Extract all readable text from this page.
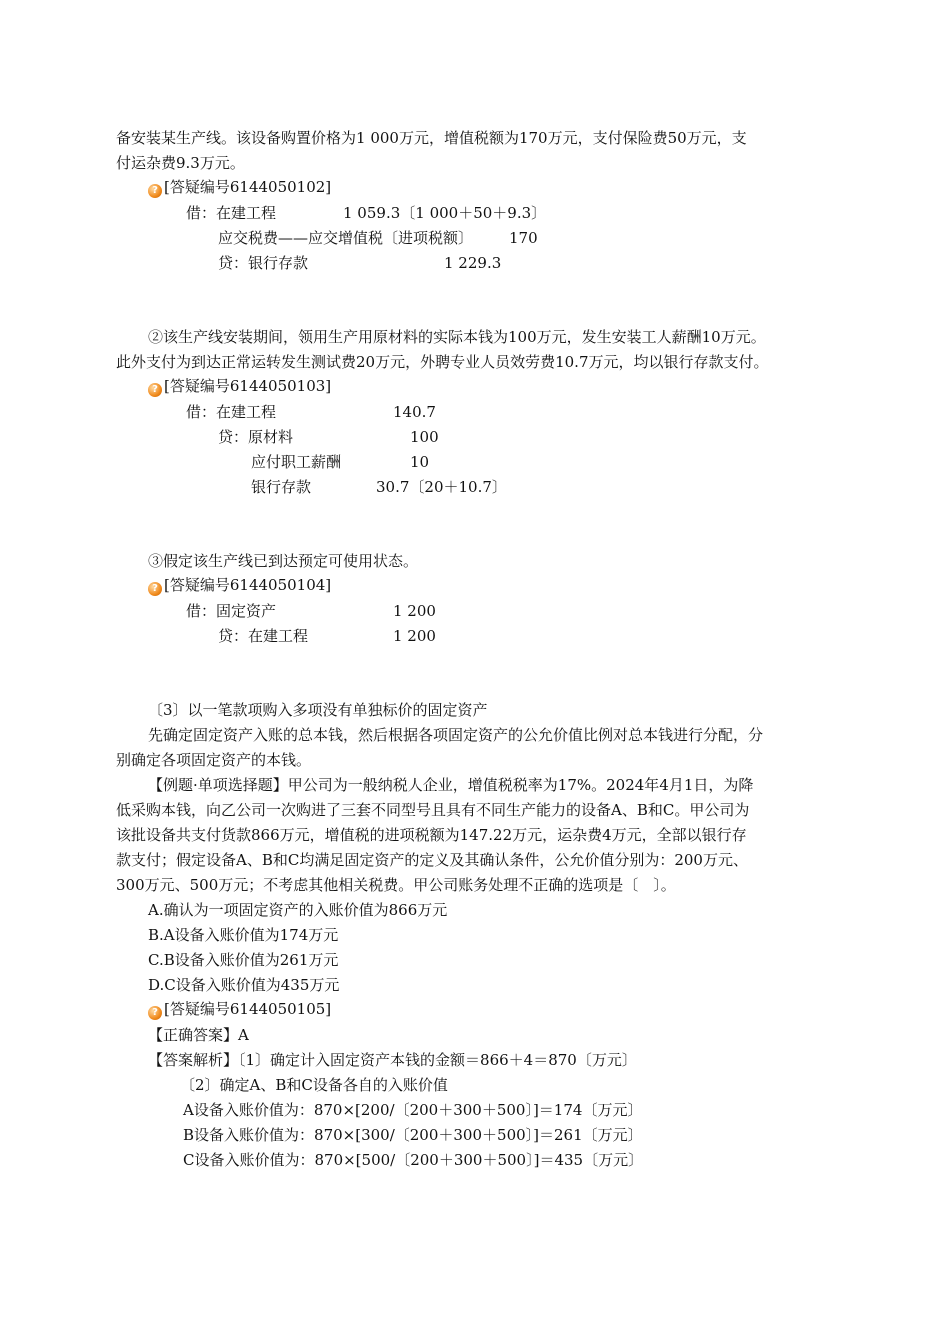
备安装某生产线。该设备购置价格为1 000万元，增值税额为170万元，支付保险费50万元，支
付运杂费9.3万元。
? [答疑编号6144050102]
借：在建工程	1 059.3〔1 000＋50＋9.3〕
应交税费——应交增值税〔进项税额〕 170
贷：银行存款	1 229.3
②该生产线安装期间，领用生产用原材料的实际本钱为100万元，发生安装工人薪酬10万元。
此外支付为到达正常运转发生测试费20万元，外聘专业人员效劳费10.7万元，均以银行存款支付。
? [答疑编号6144050103]
借：在建工程	140.7
贷：原材料	100
应付职工薪酬	10
银行存款	30.7〔20＋10.7〕
③假定该生产线已到达预定可使用状态。
? [答疑编号6144050104]
借：固定资产	1 200
贷：在建工程	1 200
〔3〕以一笔款项购入多项没有单独标价的固定资产
先确定固定资产入账的总本钱，然后根据各项固定资产的公允价值比例对总本钱进行分配，分
别确定各项固定资产的本钱。
【例题·单项选择题】甲公司为一般纳税人企业，增值税税率为17%。2024年4月1日，为降
低采购本钱，向乙公司一次购进了三套不同型号且具有不同生产能力的设备A、B和C。甲公司为
该批设备共支付货款866万元，增值税的进项税额为147.22万元，运杂费4万元，全部以银行存
款支付；假定设备A、B和C均满足固定资产的定义及其确认条件，公允价值分别为：200万元、
300万元、500万元；不考虑其他相关税费。甲公司账务处理不正确的选项是〔　〕。
A.确认为一项固定资产的入账价值为866万元
B.A设备入账价值为174万元
C.B设备入账价值为261万元
D.C设备入账价值为435万元
? [答疑编号6144050105]
【正确答案】A
【答案解析】〔1〕确定计入固定资产本钱的金额＝866＋4＝870〔万元〕
〔2〕确定A、B和C设备各自的入账价值
A设备入账价值为：870×[200/〔200＋300＋500〕]＝174〔万元〕
B设备入账价值为：870×[300/〔200＋300＋500〕]＝261〔万元〕
C设备入账价值为：870×[500/〔200＋300＋500〕]＝435〔万元〕
